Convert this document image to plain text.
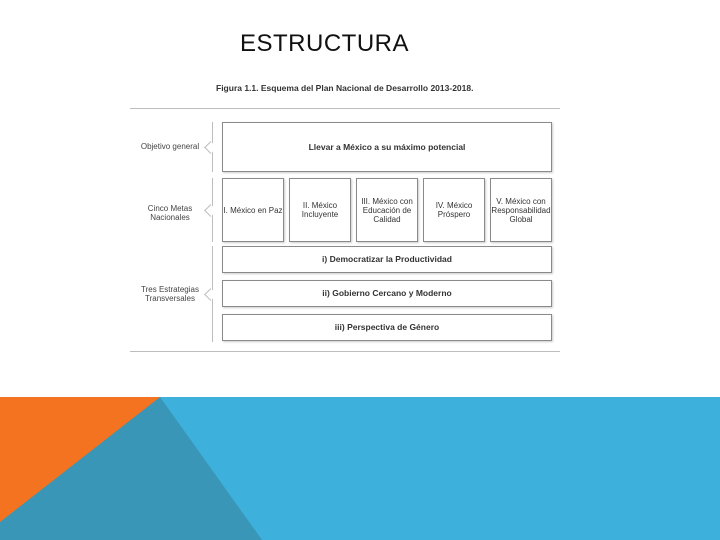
ESTRUCTURA
Figura 1.1. Esquema del Plan Nacional de Desarrollo 2013-2018.
Objetivo general	Llevar a México a su máximo potencial
Cinco Metas Nacionales
I. México en Paz	II. México Incluyente
III. México con Educación de Calidad
IV. México Próspero
V. México con Responsabilidad Global
Tres Estrategias Transversales
i) Democratizar la Productividad
ii) Gobierno Cercano y Moderno
iii) Perspectiva de Género
